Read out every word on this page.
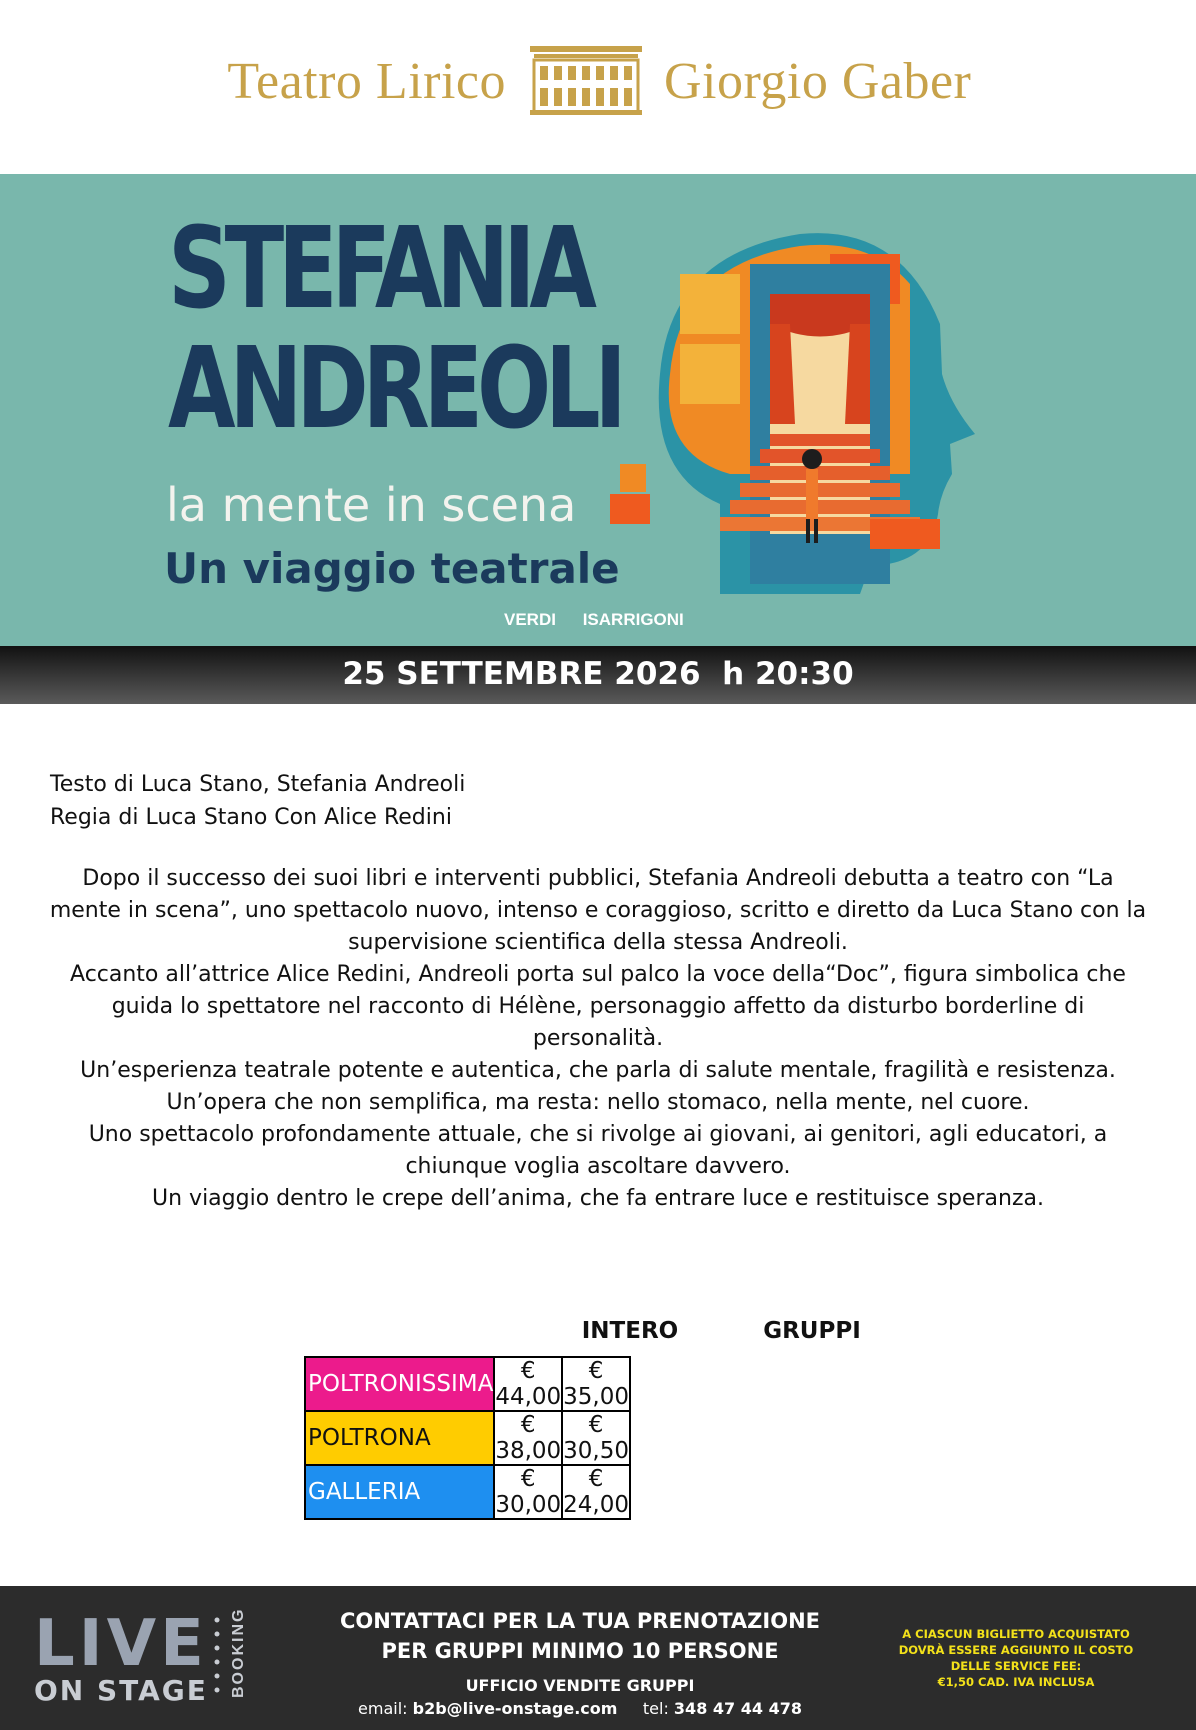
Teatro Lirico	Giorgio Gaber
STEFANIA
ANDREOLI
la mente in scena
Un viaggio teatrale
VERDI ISARRIGONI
25 SETTEMBRE 2026  h 20:30
Testo di Luca Stano, Stefania Andreoli
Regia di Luca Stano Con Alice Redini

Dopo il successo dei suoi libri e interventi pubblici, Stefania Andreoli debutta a teatro con “La mente in scena”, uno spettacolo nuovo, intenso e coraggioso, scritto e diretto da Luca Stano con la supervisione scientifica della stessa Andreoli.

Accanto all’attrice Alice Redini, Andreoli porta sul palco la voce della“Doc”, figura simbolica che guida lo spettatore nel racconto di Hélène, personaggio affetto da disturbo borderline di personalità.

Un’esperienza teatrale potente e autentica, che parla di salute mentale, fragilità e resistenza.

Un’opera che non semplifica, ma resta: nello stomaco, nella mente, nel cuore.

Uno spettacolo profondamente attuale, che si rivolge ai giovani, ai genitori, agli educatori, a chiunque voglia ascoltare davvero.

Un viaggio dentro le crepe dell’anima, che fa entrare luce e restituisce speranza.

INTERO	GRUPPI
POLTRONISSIMA	€ 44,00	€ 35,00
POLTRONA	€ 38,00	€ 30,50
GALLERIA	€ 30,00	€ 24,00
LIVE
ON STAGE BOOKING	CONTATTACI PER LA TUA PRENOTAZIONE
PER GRUPPI MINIMO 10 PERSONE
UFFICIO VENDITE GRUPPI
email: b2b@live-onstage.com tel: 348 47 44 478
A CIASCUN BIGLIETTO ACQUISTATO
DOVRÀ ESSERE AGGIUNTO IL COSTO
DELLE SERVICE FEE:
€1,50 CAD. IVA INCLUSA
